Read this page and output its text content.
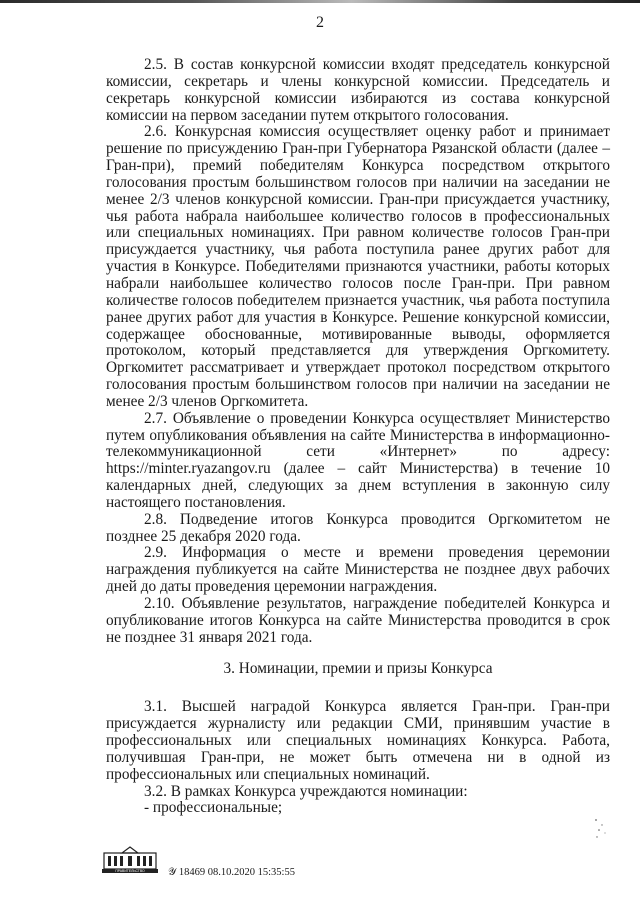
2

2.5. В состав конкурсной комиссии входят председатель конкурсной комиссии, секретарь и члены конкурсной комиссии. Председатель и секретарь конкурсной комиссии избираются из состава конкурсной комиссии на первом заседании путем открытого голосования.

2.6. Конкурсная комиссия осуществляет оценку работ и принимает решение по присуждению Гран-при Губернатора Рязанской области (далее – Гран-при), премий победителям Конкурса посредством открытого голосования простым большинством голосов при наличии на заседании не менее 2/3 членов конкурсной комиссии. Гран-при присуждается участнику, чья работа набрала наибольшее количество голосов в профессиональных или специальных номинациях. При равном количестве голосов Гран-при присуждается участнику, чья работа поступила ранее других работ для участия в Конкурсе. Победителями признаются участники, работы которых набрали наибольшее количество голосов после Гран-при. При равном количестве голосов победителем признается участник, чья работа поступила ранее других работ для участия в Конкурсе. Решение конкурсной комиссии, содержащее обоснованные, мотивированные выводы, оформляется протоколом, который представляется для утверждения Оргкомитету. Оргкомитет рассматривает и утверждает протокол посредством открытого голосования простым большинством голосов при наличии на заседании не менее 2/3 членов Оргкомитета.

2.7. Объявление о проведении Конкурса осуществляет Министерство путем опубликования объявления на сайте Министерства в информационно-телекоммуникационной сети «Интернет» по адресу: https://minter.ryazangov.ru (далее – сайт Министерства) в течение 10 календарных дней, следующих за днем вступления в законную силу настоящего постановления.

2.8. Подведение итогов Конкурса проводится Оргкомитетом не позднее 25 декабря 2020 года.

2.9. Информация о месте и времени проведения церемонии награждения публикуется на сайте Министерства не позднее двух рабочих дней до даты проведения церемонии награждения.

2.10. Объявление результатов, награждение победителей Конкурса и опубликование итогов Конкурса на сайте Министерства проводится в срок не позднее 31 января 2021 года.

3. Номинации, премии и призы Конкурса

3.1. Высшей наградой Конкурса является Гран-при. Гран-при присуждается журналисту или редакции СМИ, принявшим участие в профессиональных или специальных номинациях Конкурса. Работа, получившая Гран-при, не может быть отмечена ни в одной из профессиональных или специальных номинаций.

3.2. В рамках Конкурса учреждаются номинации:

- профессиональные;

ПРАВИТЕЛЬСТВО 𝒴 18469 08.10.2020 15:35:55
